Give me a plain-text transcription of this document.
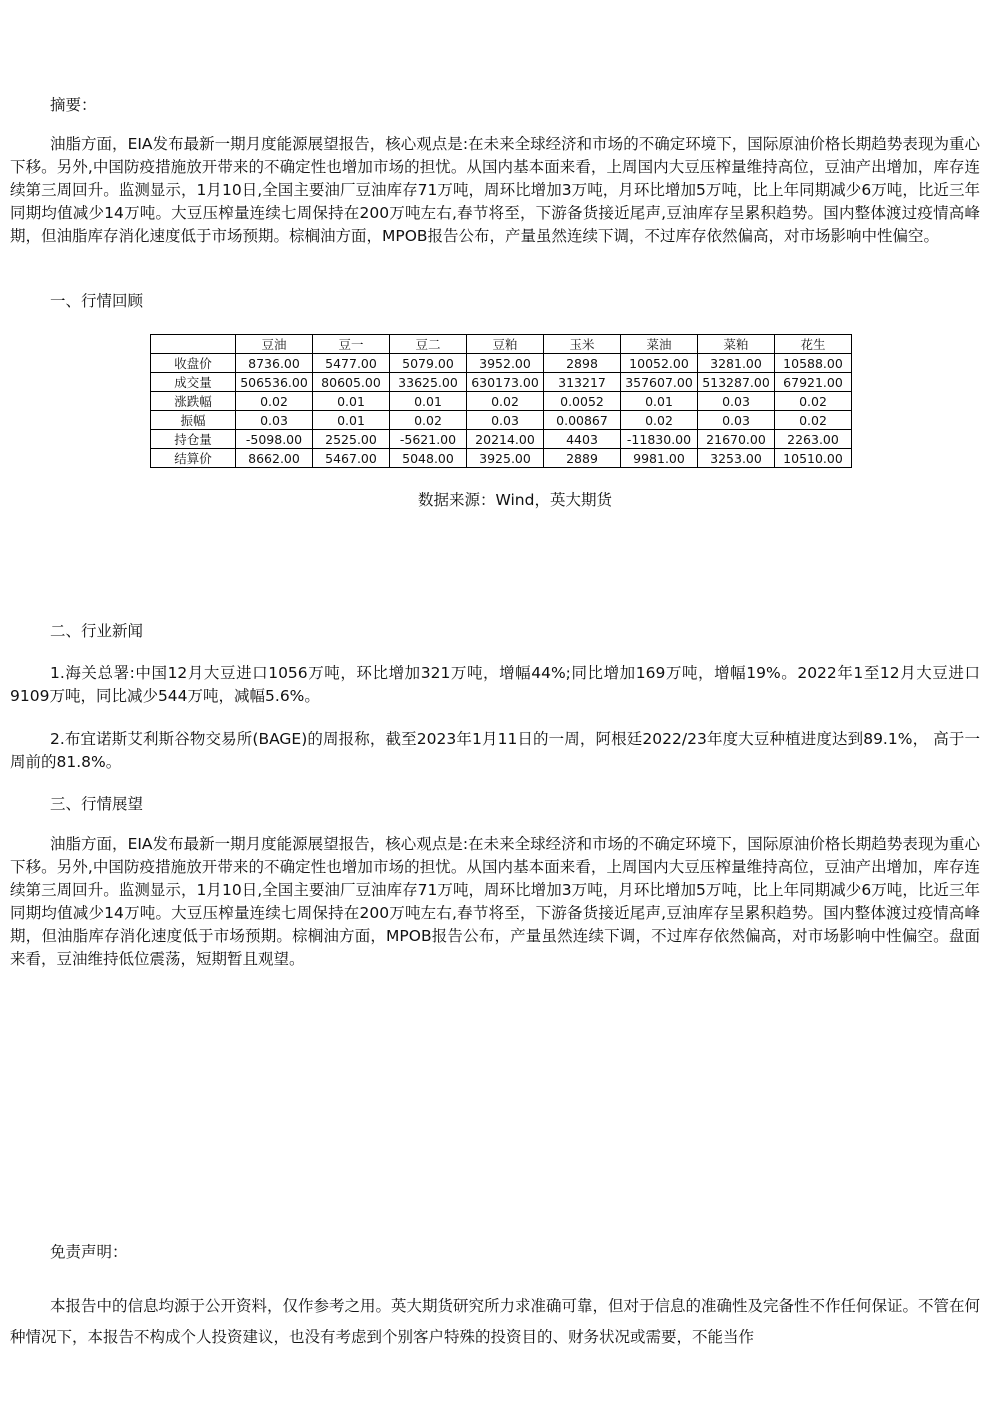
摘要：

油脂方面，EIA发布最新一期月度能源展望报告，核心观点是:在未来全球经济和市场的不确定环境下，国际原油价格长期趋势表现为重心下移。另外,中国防疫措施放开带来的不确定性也增加市场的担忧。从国内基本面来看，上周国内大豆压榨量维持高位，豆油产出增加，库存连续第三周回升。监测显示，1月10日,全国主要油厂豆油库存71万吨，周环比增加3万吨，月环比增加5万吨，比上年同期减少6万吨，比近三年同期均值减少14万吨。大豆压榨量连续七周保持在200万吨左右,春节将至，下游备货接近尾声,豆油库存呈累积趋势。国内整体渡过疫情高峰期，但油脂库存消化速度低于市场预期。棕榈油方面，MPOB报告公布，产量虽然连续下调，不过库存依然偏高，对市场影响中性偏空。

一、行情回顾

	豆油	豆一	豆二	豆粕	玉米	菜油	菜粕	花生
收盘价	8736.00	5477.00	5079.00	3952.00	2898	10052.00	3281.00	10588.00
成交量	506536.00	80605.00	33625.00	630173.00	313217	357607.00	513287.00	67921.00
涨跌幅	0.02	0.01	0.01	0.02	0.0052	0.01	0.03	0.02
振幅	0.03	0.01	0.02	0.03	0.00867	0.02	0.03	0.02
持仓量	-5098.00	2525.00	-5621.00	20214.00	4403	-11830.00	21670.00	2263.00
结算价	8662.00	5467.00	5048.00	3925.00	2889	9981.00	3253.00	10510.00
数据来源：Wind，英大期货

二、行业新闻

1.海关总署:中国12月大豆进口1056万吨，环比增加321万吨，增幅44%;同比增加169万吨，增幅19%。2022年1至12月大豆进口9109万吨，同比减少544万吨，减幅5.6%。

2.布宜诺斯艾利斯谷物交易所(BAGE)的周报称，截至2023年1月11日的一周，阿根廷2022/23年度大豆种植进度达到89.1%， 高于一周前的81.8%。

三、行情展望

油脂方面，EIA发布最新一期月度能源展望报告，核心观点是:在未来全球经济和市场的不确定环境下，国际原油价格长期趋势表现为重心下移。另外,中国防疫措施放开带来的不确定性也增加市场的担忧。从国内基本面来看，上周国内大豆压榨量维持高位，豆油产出增加，库存连续第三周回升。监测显示，1月10日,全国主要油厂豆油库存71万吨，周环比增加3万吨，月环比增加5万吨，比上年同期减少6万吨，比近三年同期均值减少14万吨。大豆压榨量连续七周保持在200万吨左右,春节将至，下游备货接近尾声,豆油库存呈累积趋势。国内整体渡过疫情高峰期，但油脂库存消化速度低于市场预期。棕榈油方面，MPOB报告公布，产量虽然连续下调，不过库存依然偏高，对市场影响中性偏空。盘面来看，豆油维持低位震荡，短期暂且观望。

免责声明：

本报告中的信息均源于公开资料，仅作参考之用。英大期货研究所力求准确可靠，但对于信息的准确性及完备性不作任何保证。不管在何种情况下，本报告不构成个人投资建议，也没有考虑到个别客户特殊的投资目的、财务状况或需要，不能当作
